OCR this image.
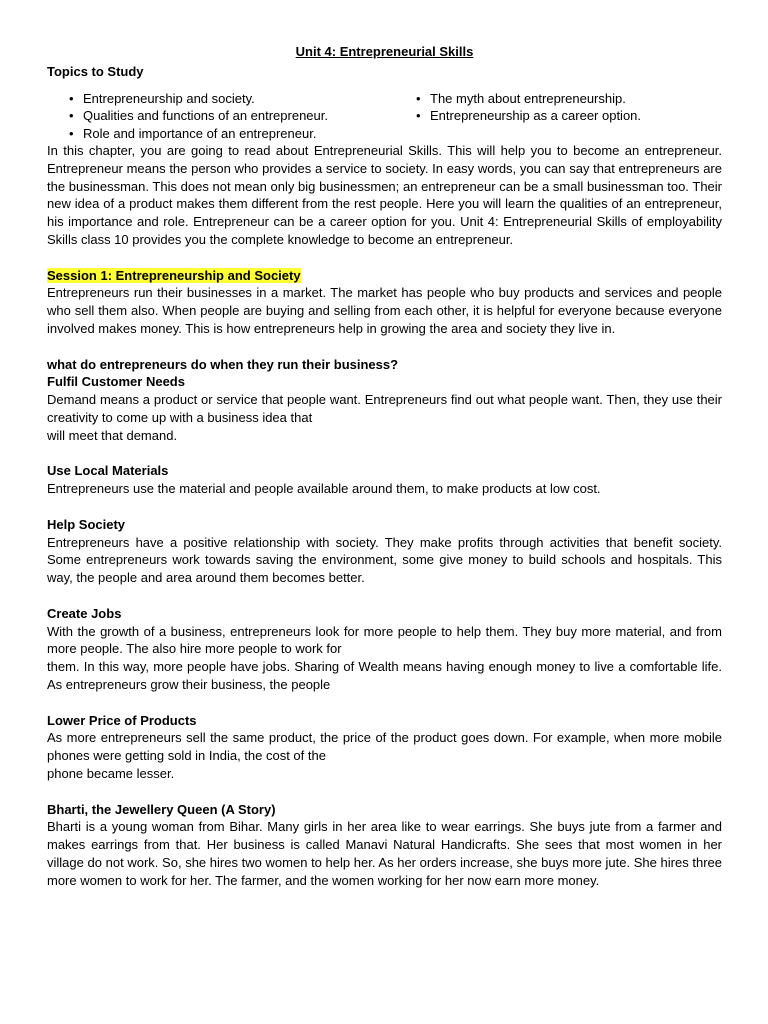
Unit 4: Entrepreneurial Skills
Topics to Study
• Entrepreneurship and society.
• Qualities and functions of an entrepreneur.
• Role and importance of an entrepreneur.
• The myth about entrepreneurship.
• Entrepreneurship as a career option.

In this chapter, you are going to read about Entrepreneurial Skills. This will help you to become an entrepreneur. Entrepreneur means the person who provides a service to society. In easy words, you can say that entrepreneurs are the businessman. This does not mean only big businessmen; an entrepreneur can be a small businessman too. Their new idea of a product makes them different from the rest people. Here you will learn the qualities of an entrepreneur, his importance and role. Entrepreneur can be a career option for you. Unit 4: Entrepreneurial Skills of employability Skills class 10 provides you the complete knowledge to become an entrepreneur.

Session 1: Entrepreneurship and Society

Entrepreneurs run their businesses in a market. The market has people who buy products and services and people who sell them also. When people are buying and selling from each other, it is helpful for everyone because everyone involved makes money. This is how entrepreneurs help in growing the area and society they live in.

what do entrepreneurs do when they run their business?
Fulfil Customer Needs

Demand means a product or service that people want. Entrepreneurs find out what people want. Then, they use their creativity to come up with a business idea that

will meet that demand.

Use Local Materials

Entrepreneurs use the material and people available around them, to make products at low cost.

Help Society

Entrepreneurs have a positive relationship with society. They make profits through activities that benefit society. Some entrepreneurs work towards saving the environment, some give money to build schools and hospitals. This way, the people and area around them becomes better.

Create Jobs

With the growth of a business, entrepreneurs look for more people to help them. They buy more material, and from more people. The also hire more people to work for

them. In this way, more people have jobs. Sharing of Wealth means having enough money to live a comfortable life. As entrepreneurs grow their business, the people

Lower Price of Products

As more entrepreneurs sell the same product, the price of the product goes down. For example, when more mobile phones were getting sold in India, the cost of the

phone became lesser.

Bharti, the Jewellery Queen (A Story)

Bharti is a young woman from Bihar. Many girls in her area like to wear earrings. She buys jute from a farmer and makes earrings from that. Her business is called Manavi Natural Handicrafts. She sees that most women in her village do not work. So, she hires two women to help her. As her orders increase, she buys more jute. She hires three more women to work for her. The farmer, and the women working for her now earn more money.
